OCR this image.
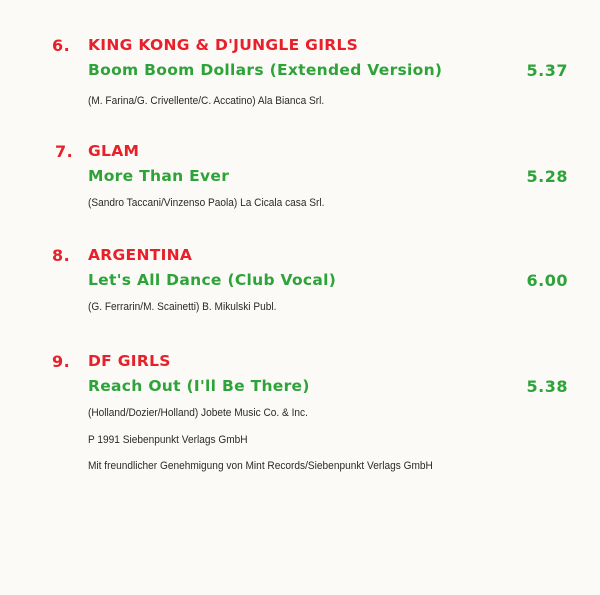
6. KING KONG & D'JUNGLE GIRLS
Boom Boom Dollars (Extended Version)	5.37
(M. Farina/G. Crivellente/C. Accatino) Ala Bianca Srl.
7. GLAM
More Than Ever	5.28
(Sandro Taccani/Vinzenso Paola) La Cicala casa Srl.
8. ARGENTINA
Let's All Dance (Club Vocal)	6.00
(G. Ferrarin/M. Scainetti) B. Mikulski Publ.
9. DF GIRLS
Reach Out (I'll Be There)	5.38
(Holland/Dozier/Holland) Jobete Music Co. & Inc.
P 1991 Siebenpunkt Verlags GmbH
Mit freundlicher Genehmigung von Mint Records/Siebenpunkt Verlags GmbH
